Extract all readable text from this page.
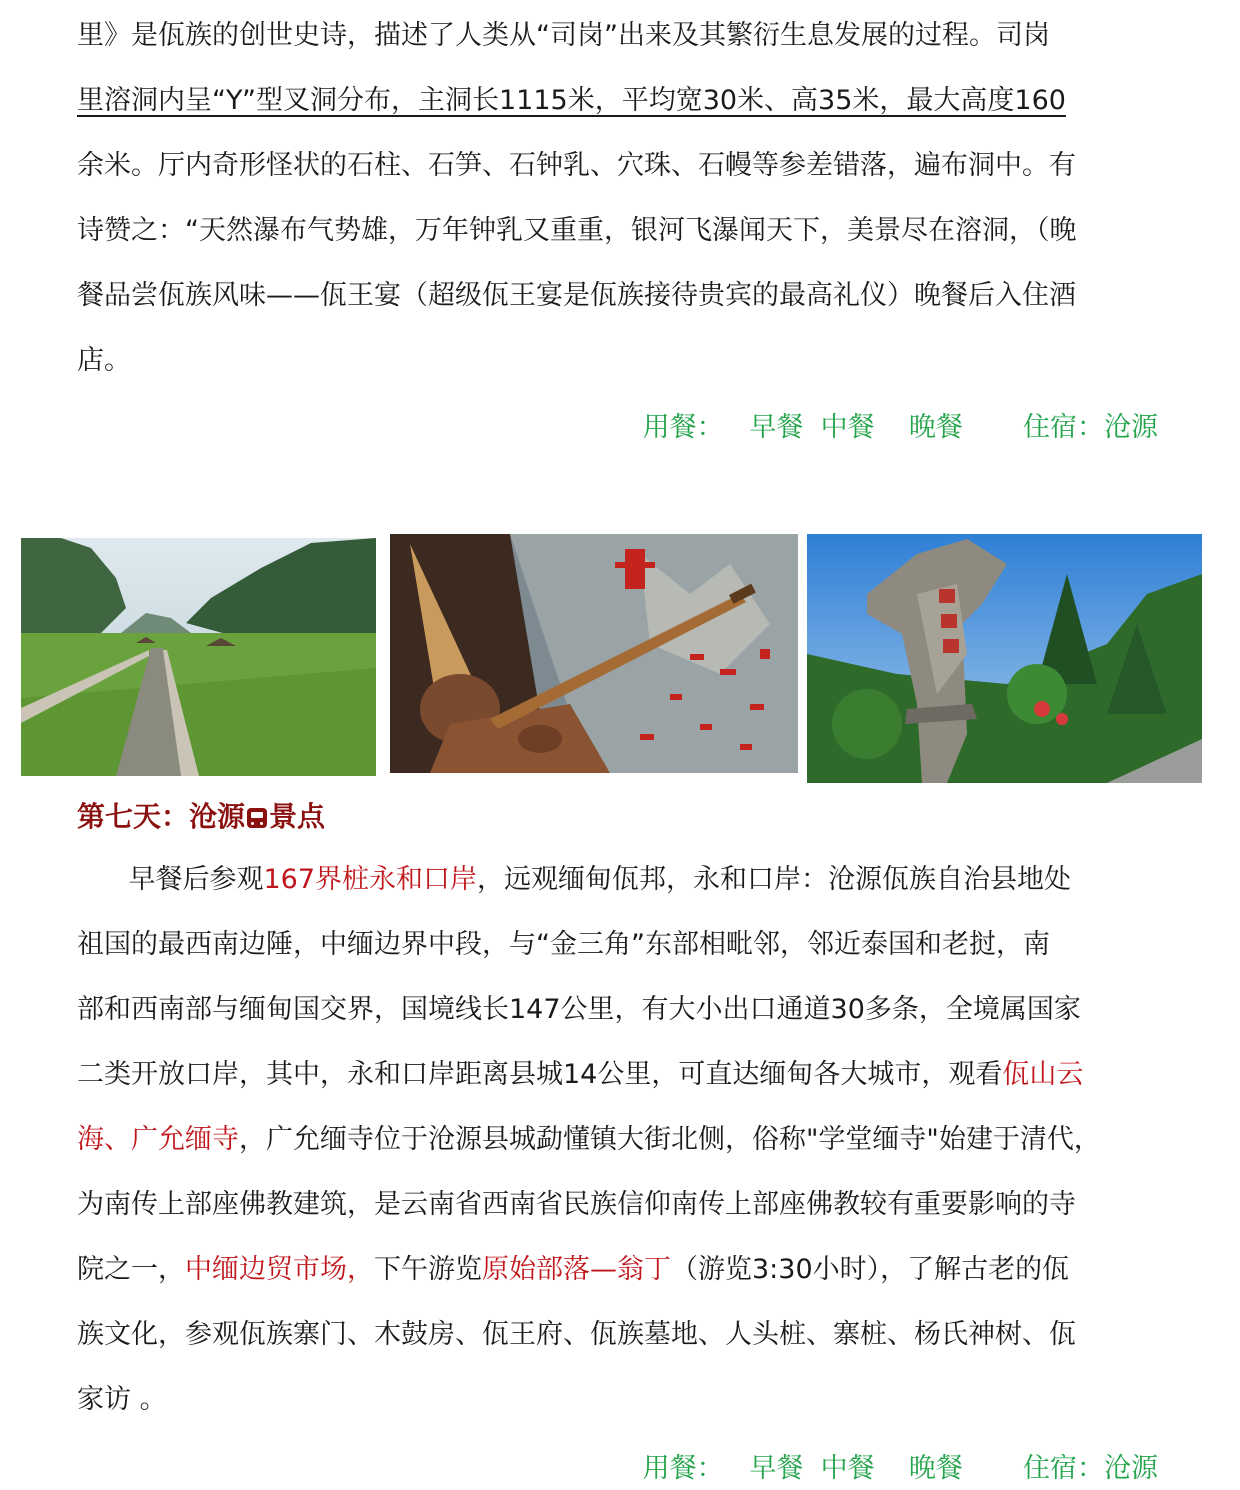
里》是佤族的创世史诗，描述了人类从“司岗”出来及其繁衍生息发展的过程。司岗
里溶洞内呈“Y”型叉洞分布，主洞长1115米，平均宽30米、高35米，最大高度160
余米。厅内奇形怪状的石柱、石笋、石钟乳、穴珠、石幔等参差错落，遍布洞中。有
诗赞之：“天然瀑布气势雄，万年钟乳又重重，银河飞瀑闻天下，美景尽在溶洞，（晚
餐品尝佤族风味——佤王宴（超级佤王宴是佤族接待贵宾的最高礼仪）晚餐后入住酒
店。
用餐： 早餐 中餐 晚餐 住宿：沧源
第七天：沧源 景点
早餐后参观167界桩永和口岸，远观缅甸佤邦，永和口岸：沧源佤族自治县地处
祖国的最西南边陲，中缅边界中段，与“金三角”东部相毗邻，邻近泰国和老挝，南
部和西南部与缅甸国交界，国境线长147公里，有大小出口通道30多条，全境属国家
二类开放口岸，其中，永和口岸距离县城14公里，可直达缅甸各大城市，观看佤山云
海、广允缅寺，广允缅寺位于沧源县城勐懂镇大街北侧，俗称"学堂缅寺"始建于清代，
为南传上部座佛教建筑，是云南省西南省民族信仰南传上部座佛教较有重要影响的寺
院之一，中缅边贸市场，下午游览原始部落—翁丁（游览3:30小时），了解古老的佤
族文化，参观佤族寨门、木鼓房、佤王府、佤族墓地、人头桩、寨桩、杨氏神树、佤
家访 。
用餐： 早餐 中餐 晚餐 住宿：沧源
